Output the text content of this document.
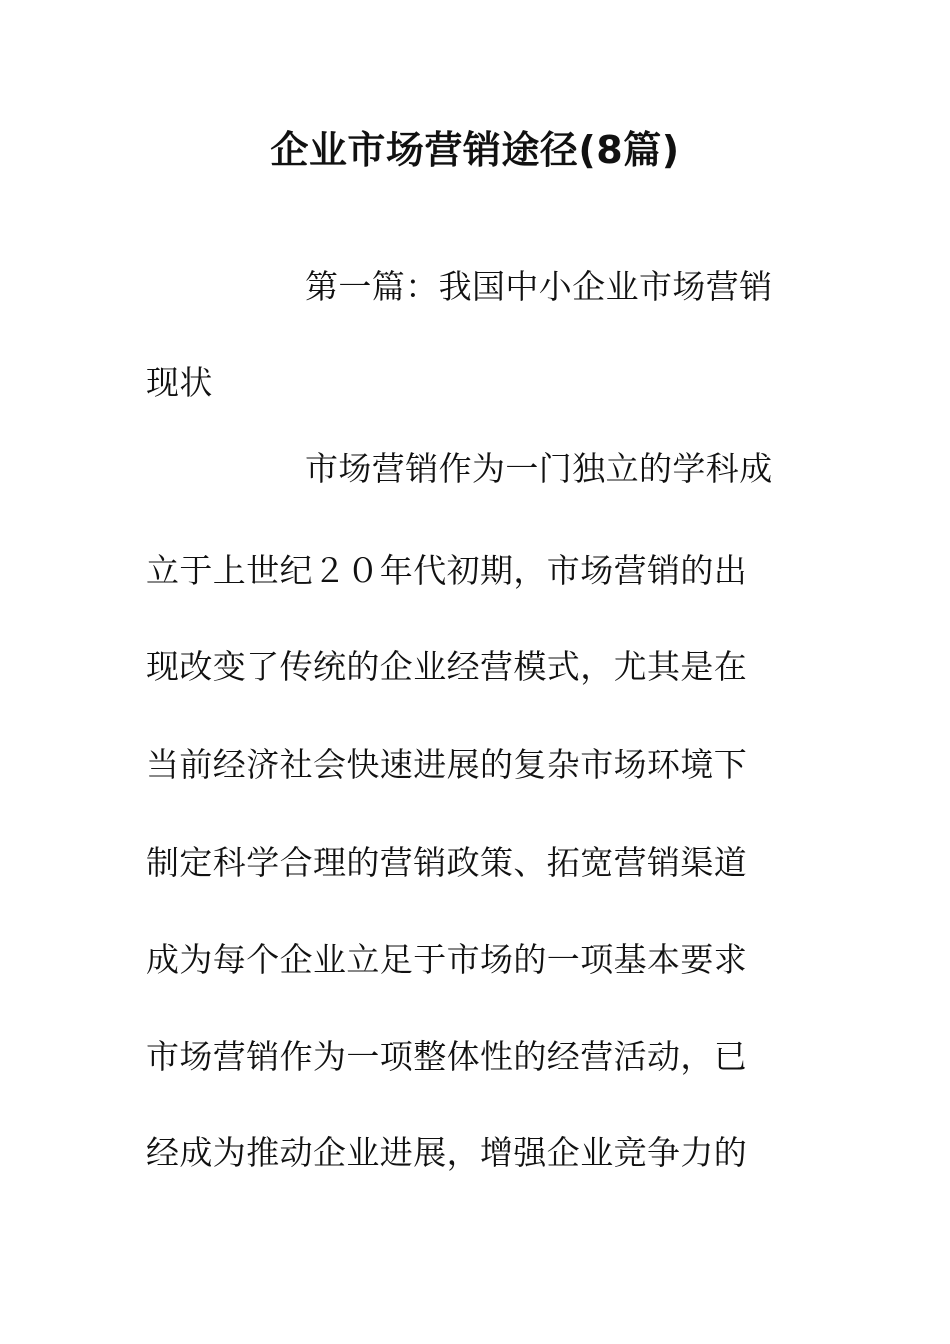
企业市场营销途径(8篇)
第一篇：我国中小企业市场营销
现状
市场营销作为一门独立的学科成
立于上世纪２０年代初期，市场营销的出
现改变了传统的企业经营模式，尤其是在
当前经济社会快速进展的复杂市场环境下
制定科学合理的营销政策、拓宽营销渠道
成为每个企业立足于市场的一项基本要求
市场营销作为一项整体性的经营活动，已
经成为推动企业进展，增强企业竞争力的
